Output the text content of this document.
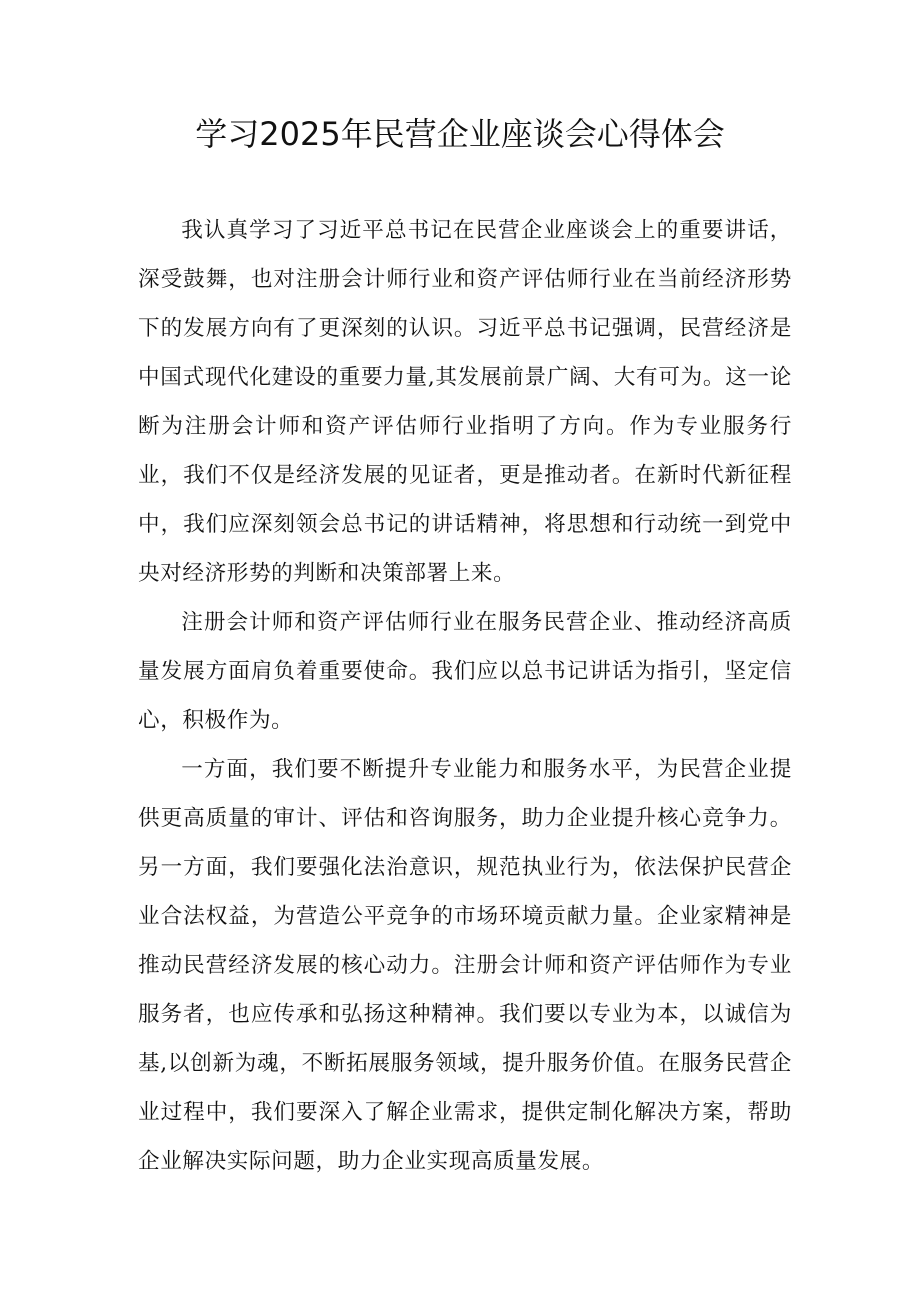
学习2025年民营企业座谈会心得体会

我认真学习了习近平总书记在民营企业座谈会上的重要讲话，深受鼓舞，也对注册会计师行业和资产评估师行业在当前经济形势下的发展方向有了更深刻的认识。习近平总书记强调，民营经济是中国式现代化建设的重要力量,其发展前景广阔、大有可为。这一论断为注册会计师和资产评估师行业指明了方向。作为专业服务行业，我们不仅是经济发展的见证者，更是推动者。在新时代新征程中，我们应深刻领会总书记的讲话精神，将思想和行动统一到党中央对经济形势的判断和决策部署上来。

注册会计师和资产评估师行业在服务民营企业、推动经济高质量发展方面肩负着重要使命。我们应以总书记讲话为指引，坚定信心，积极作为。

一方面，我们要不断提升专业能力和服务水平，为民营企业提供更高质量的审计、评估和咨询服务，助力企业提升核心竞争力。另一方面，我们要强化法治意识，规范执业行为，依法保护民营企业合法权益，为营造公平竞争的市场环境贡献力量。企业家精神是推动民营经济发展的核心动力。注册会计师和资产评估师作为专业服务者，也应传承和弘扬这种精神。我们要以专业为本，以诚信为基,以创新为魂，不断拓展服务领域，提升服务价值。在服务民营企业过程中，我们要深入了解企业需求，提供定制化解决方案，帮助企业解决实际问题，助力企业实现高质量发展。
